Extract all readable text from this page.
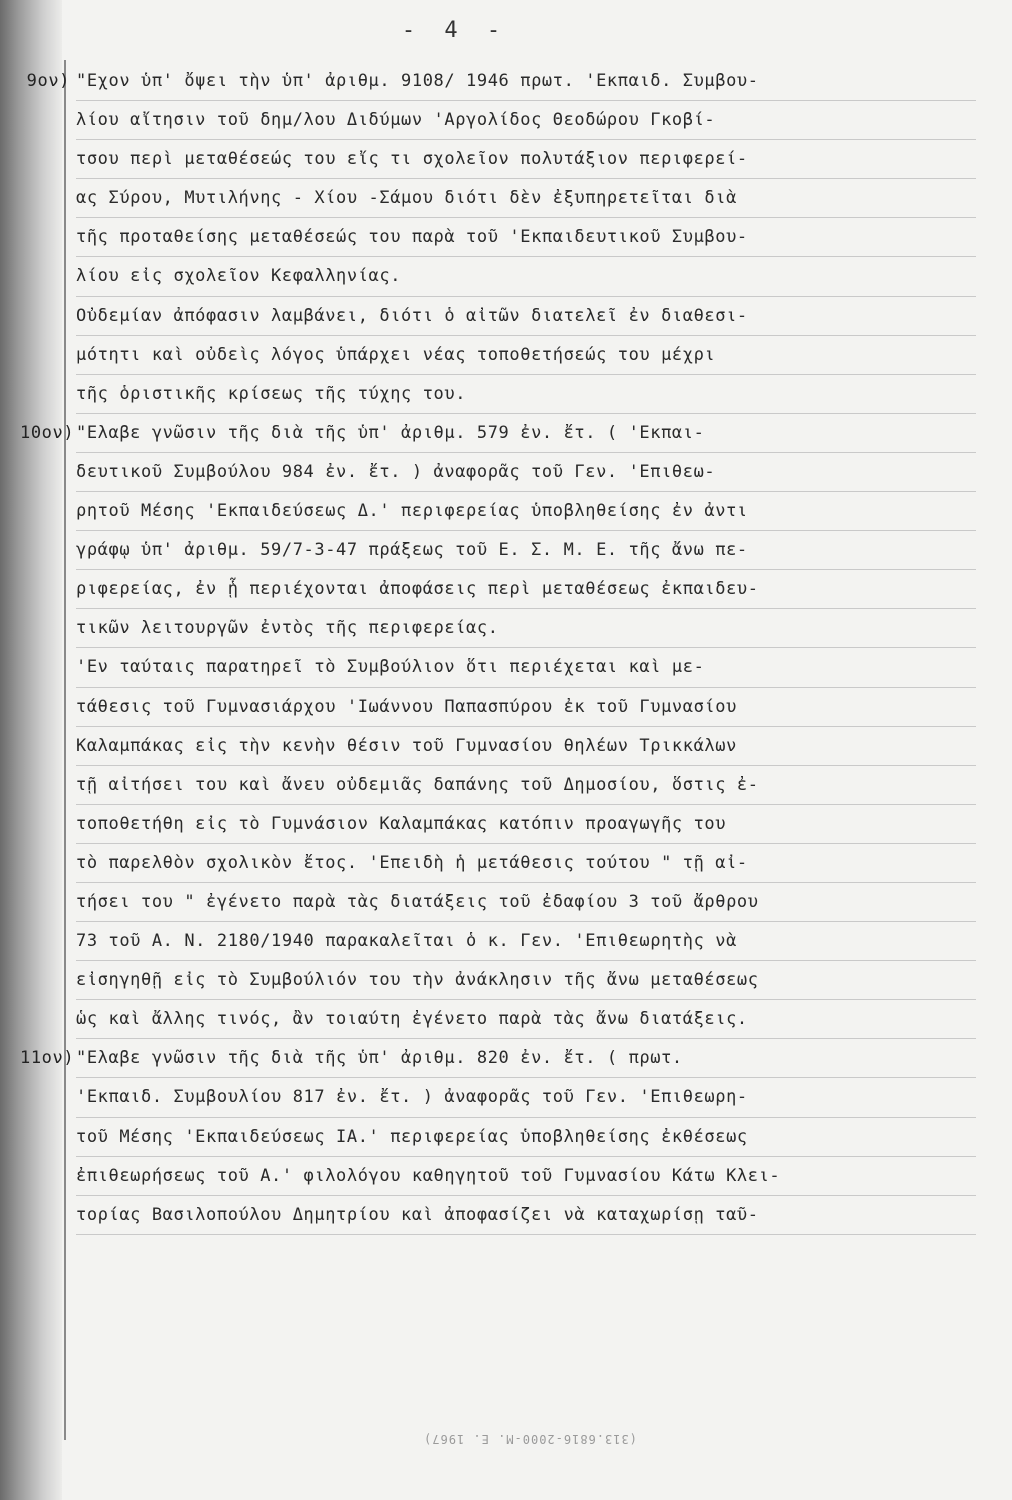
- 4 -
9ον) "Εχον ὑπ' ὄψει τὴν ὑπ' ἀριθμ. 9108/ 1946 πρωτ. 'Εκπαιδ. Συμβου-
λίου αἴτησιν τοῦ δημ/λου Διδύμων 'Αργολίδος Θεοδώρου Γκοβί-
τσου περὶ μεταθέσεώς του εἴς τι σχολεῖον πολυτάξιον περιφερεί-
ας Σύρου, Μυτιλήνης - Χίου -Σάμου διότι δὲν ἐξυπηρετεῖται διὰ
τῆς προταθείσης μεταθέσεώς του παρὰ τοῦ 'Εκπαιδευτικοῦ Συμβου-
λίου εἰς σχολεῖον Κεφαλληνίας.
Οὐδεμίαν ἀπόφασιν λαμβάνει, διότι ὁ αἰτῶν διατελεῖ ἐν διαθεσι-
μότητι καὶ οὐδεὶς λόγος ὑπάρχει νέας τοποθετήσεώς του μέχρι
τῆς ὁριστικῆς κρίσεως τῆς τύχης του.
10ον) "Ελαβε γνῶσιν τῆς διὰ τῆς ὑπ' ἀριθμ. 579 ἐν. ἔτ. ( 'Εκπαι-
δευτικοῦ Συμβούλου 984 ἐν. ἔτ. ) ἀναφορᾶς τοῦ Γεν. 'Επιθεω-
ρητοῦ Μέσης 'Εκπαιδεύσεως Δ.' περιφερείας ὑποβληθείσης ἐν ἀντι
γράφῳ ὑπ' ἀριθμ. 59/7-3-47 πράξεως τοῦ Ε. Σ. Μ. Ε. τῆς ἄνω πε-
ριφερείας, ἐν ᾗ περιέχονται ἀποφάσεις περὶ μεταθέσεως ἐκπαιδευ-
τικῶν λειτουργῶν ἐντὸς τῆς περιφερείας.
'Εν ταύταις παρατηρεῖ τὸ Συμβούλιον ὅτι περιέχεται καὶ με-
τάθεσις τοῦ Γυμνασιάρχου 'Ιωάννου Παπασπύρου ἐκ τοῦ Γυμνασίου
Καλαμπάκας εἰς τὴν κενὴν θέσιν τοῦ Γυμνασίου θηλέων Τρικκάλων
τῇ αἰτήσει του καὶ ἄνευ οὐδεμιᾶς δαπάνης τοῦ Δημοσίου, ὅστις ἐ-
τοποθετήθη εἰς τὸ Γυμνάσιον Καλαμπάκας κατόπιν προαγωγῆς του
τὸ παρελθὸν σχολικὸν ἔτος. 'Επειδὴ ἡ μετάθεσις τούτου " τῇ αἰ-
τήσει του " ἐγένετο παρὰ τὰς διατάξεις τοῦ ἐδαφίου 3 τοῦ ἄρθρου
73 τοῦ Α. Ν. 2180/1940 παρακαλεῖται ὁ κ. Γεν. 'Επιθεωρητὴς νὰ
εἰσηγηθῇ εἰς τὸ Συμβούλιόν του τὴν ἀνάκλησιν τῆς ἄνω μεταθέσεως
ὡς καὶ ἄλλης τινός, ἂν τοιαύτη ἐγένετο παρὰ τὰς ἄνω διατάξεις.
11ον) "Ελαβε γνῶσιν τῆς διὰ τῆς ὑπ' ἀριθμ. 820 ἐν. ἔτ. ( πρωτ.
'Εκπαιδ. Συμβουλίου 817 ἐν. ἔτ. ) ἀναφορᾶς τοῦ Γεν. 'Επιθεωρη-
τοῦ Μέσης 'Εκπαιδεύσεως ΙΑ.' περιφερείας ὑποβληθείσης ἐκθέσεως
ἐπιθεωρήσεως τοῦ Α.' φιλολόγου καθηγητοῦ τοῦ Γυμνασίου Κάτω Κλει-
τορίας Βασιλοπούλου Δημητρίου καὶ ἀποφασίζει νὰ καταχωρίσῃ ταῦ-
(313.6816-2000-Μ. Ε. 1967)
